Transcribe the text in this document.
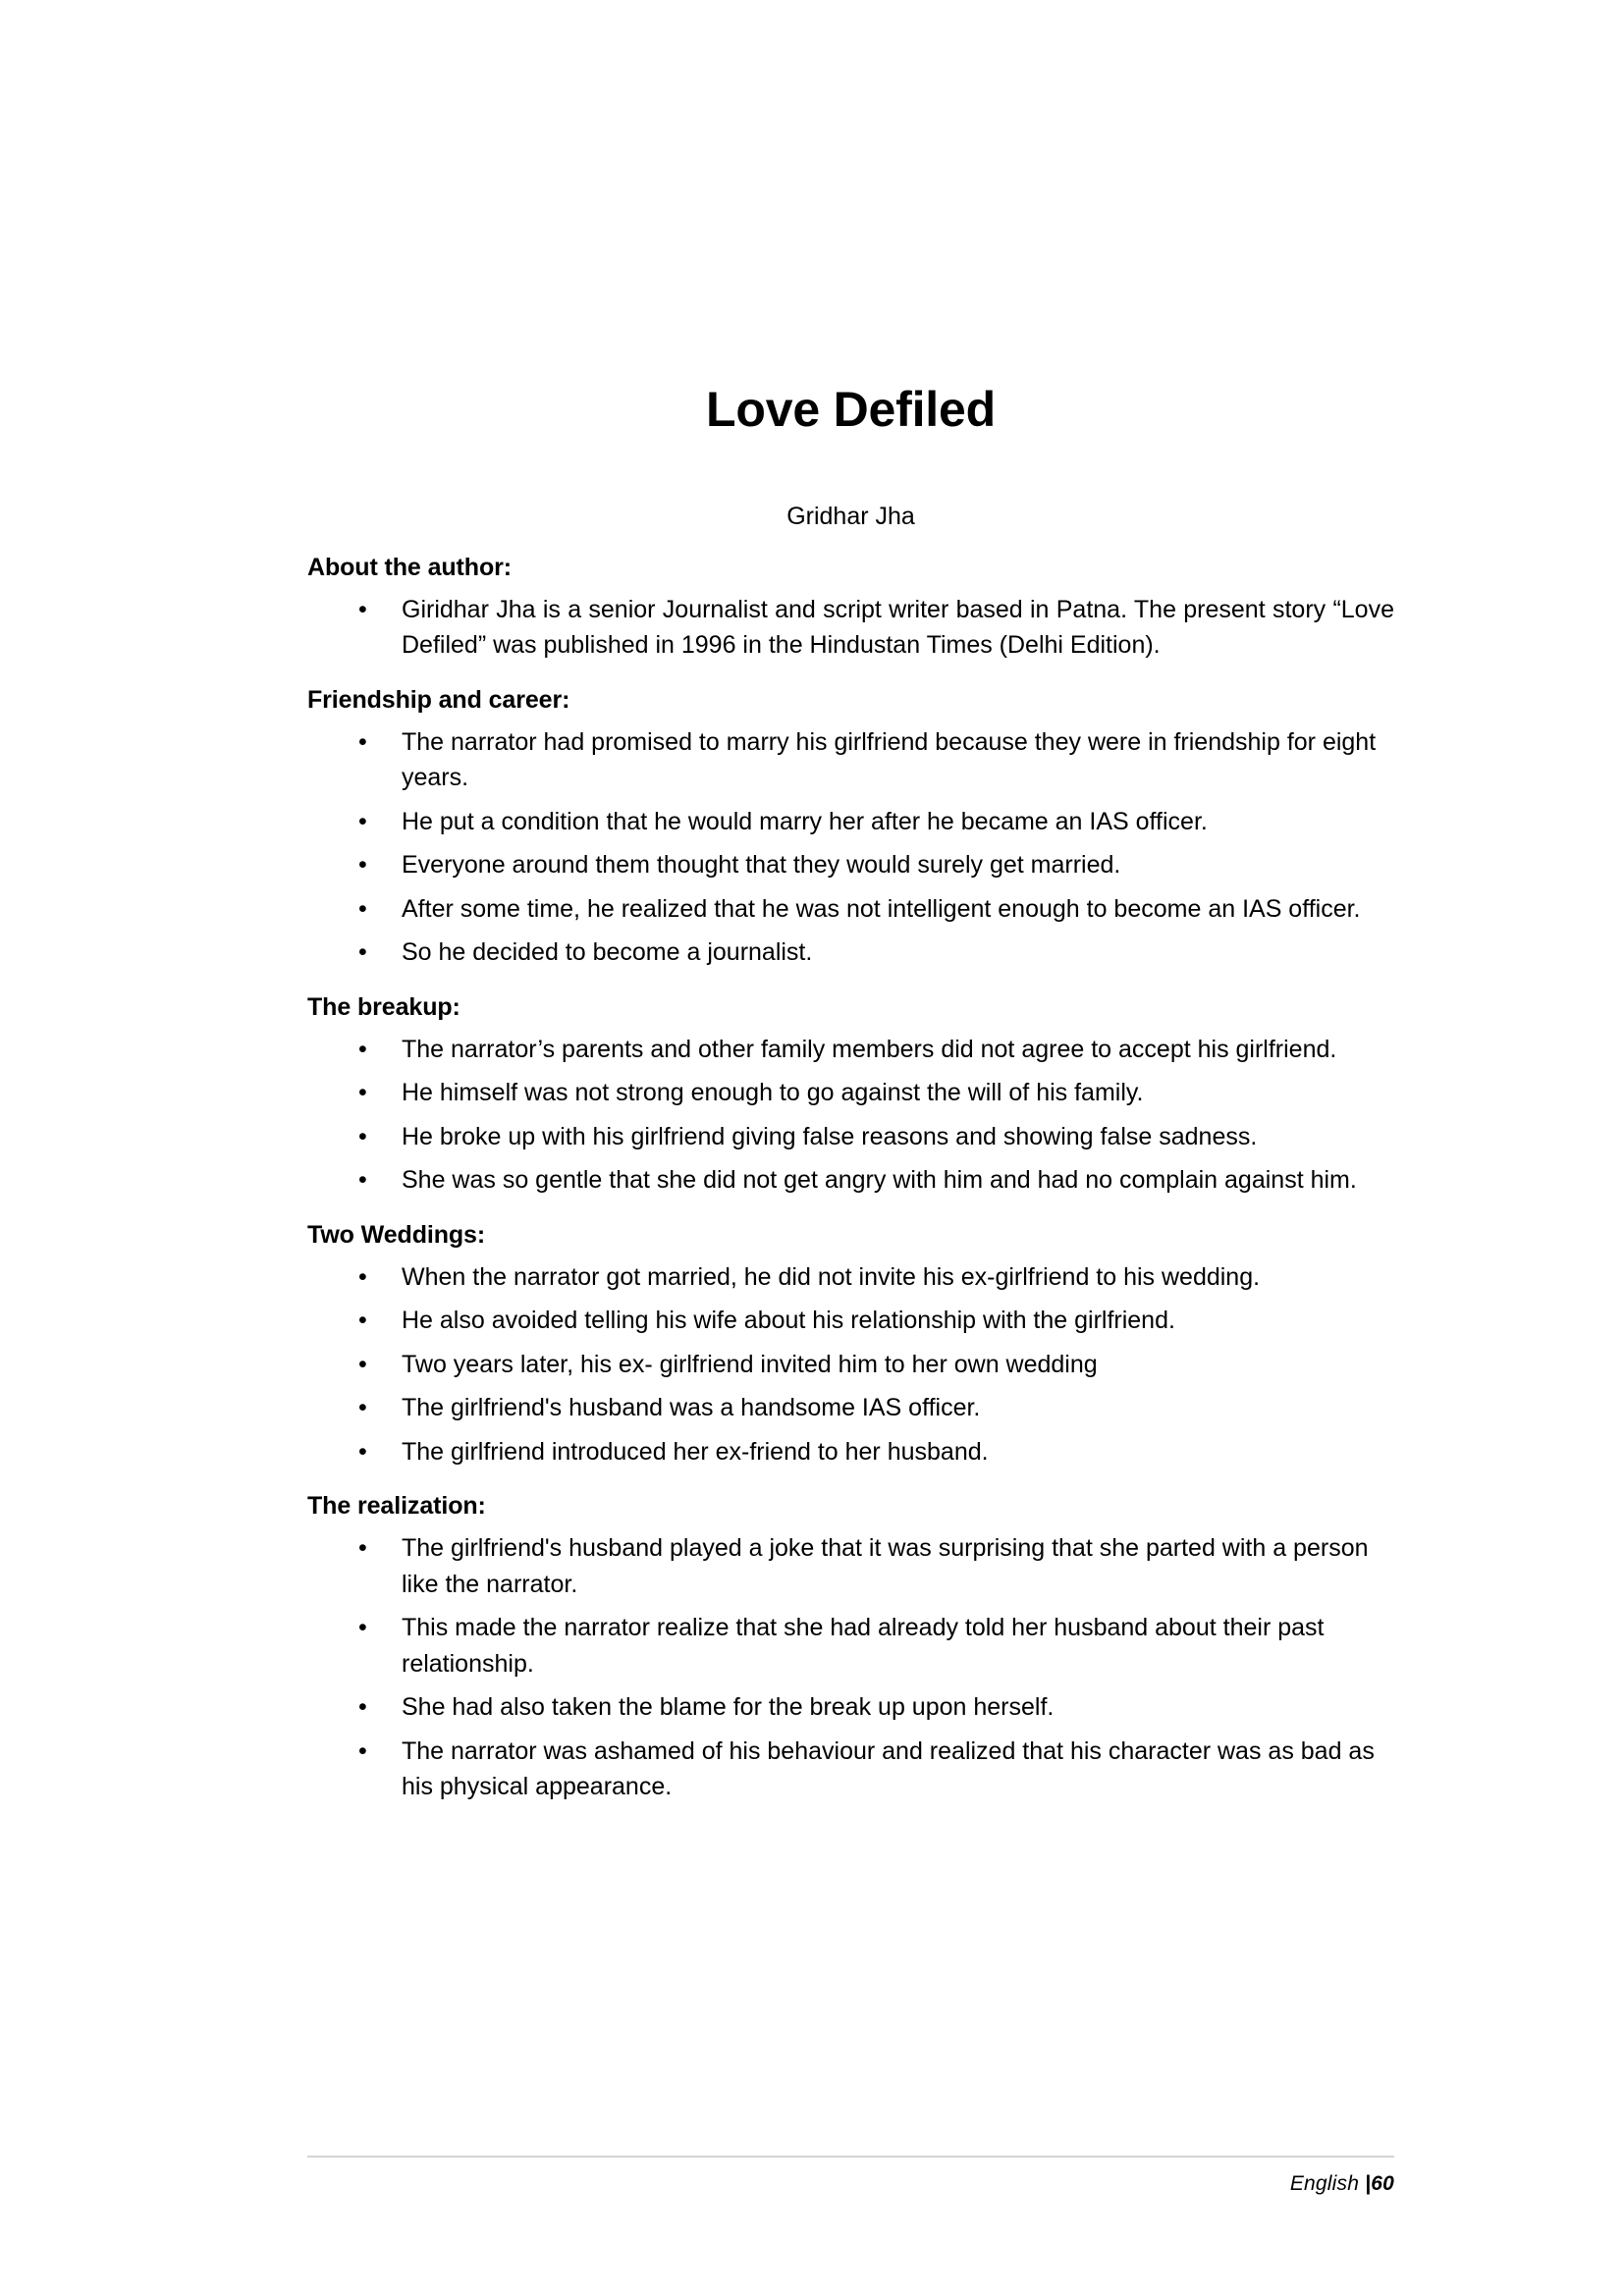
Love Defiled

Gridhar Jha

About the author:
• Giridhar Jha is a senior Journalist and script writer based in Patna. The present story “Love Defiled” was published in 1996 in the Hindustan Times (Delhi Edition).
Friendship and career:
• The narrator had promised to marry his girlfriend because they were in friendship for eight years.
• He put a condition that he would marry her after he became an IAS officer.
• Everyone around them thought that they would surely get married.
• After some time, he realized that he was not intelligent enough to become an IAS officer.
• So he decided to become a journalist.
The breakup:
• The narrator’s parents and other family members did not agree to accept his girlfriend.
• He himself was not strong enough to go against the will of his family.
• He broke up with his girlfriend giving false reasons and showing false sadness.
• She was so gentle that she did not get angry with him and had no complain against him.
Two Weddings:
• When the narrator got married, he did not invite his ex-girlfriend to his wedding.
• He also avoided telling his wife about his relationship with the girlfriend.
• Two years later, his ex- girlfriend invited him to her own wedding
• The girlfriend's husband was a handsome IAS officer.
• The girlfriend introduced her ex-friend to her husband.
The realization:
• The girlfriend's husband played a joke that it was surprising that she parted with a person like the narrator.
• This made the narrator realize that she had already told her husband about their past relationship.
• She had also taken the blame for the break up upon herself.
• The narrator was ashamed of his behaviour and realized that his character was as bad as his physical appearance.
English |60
